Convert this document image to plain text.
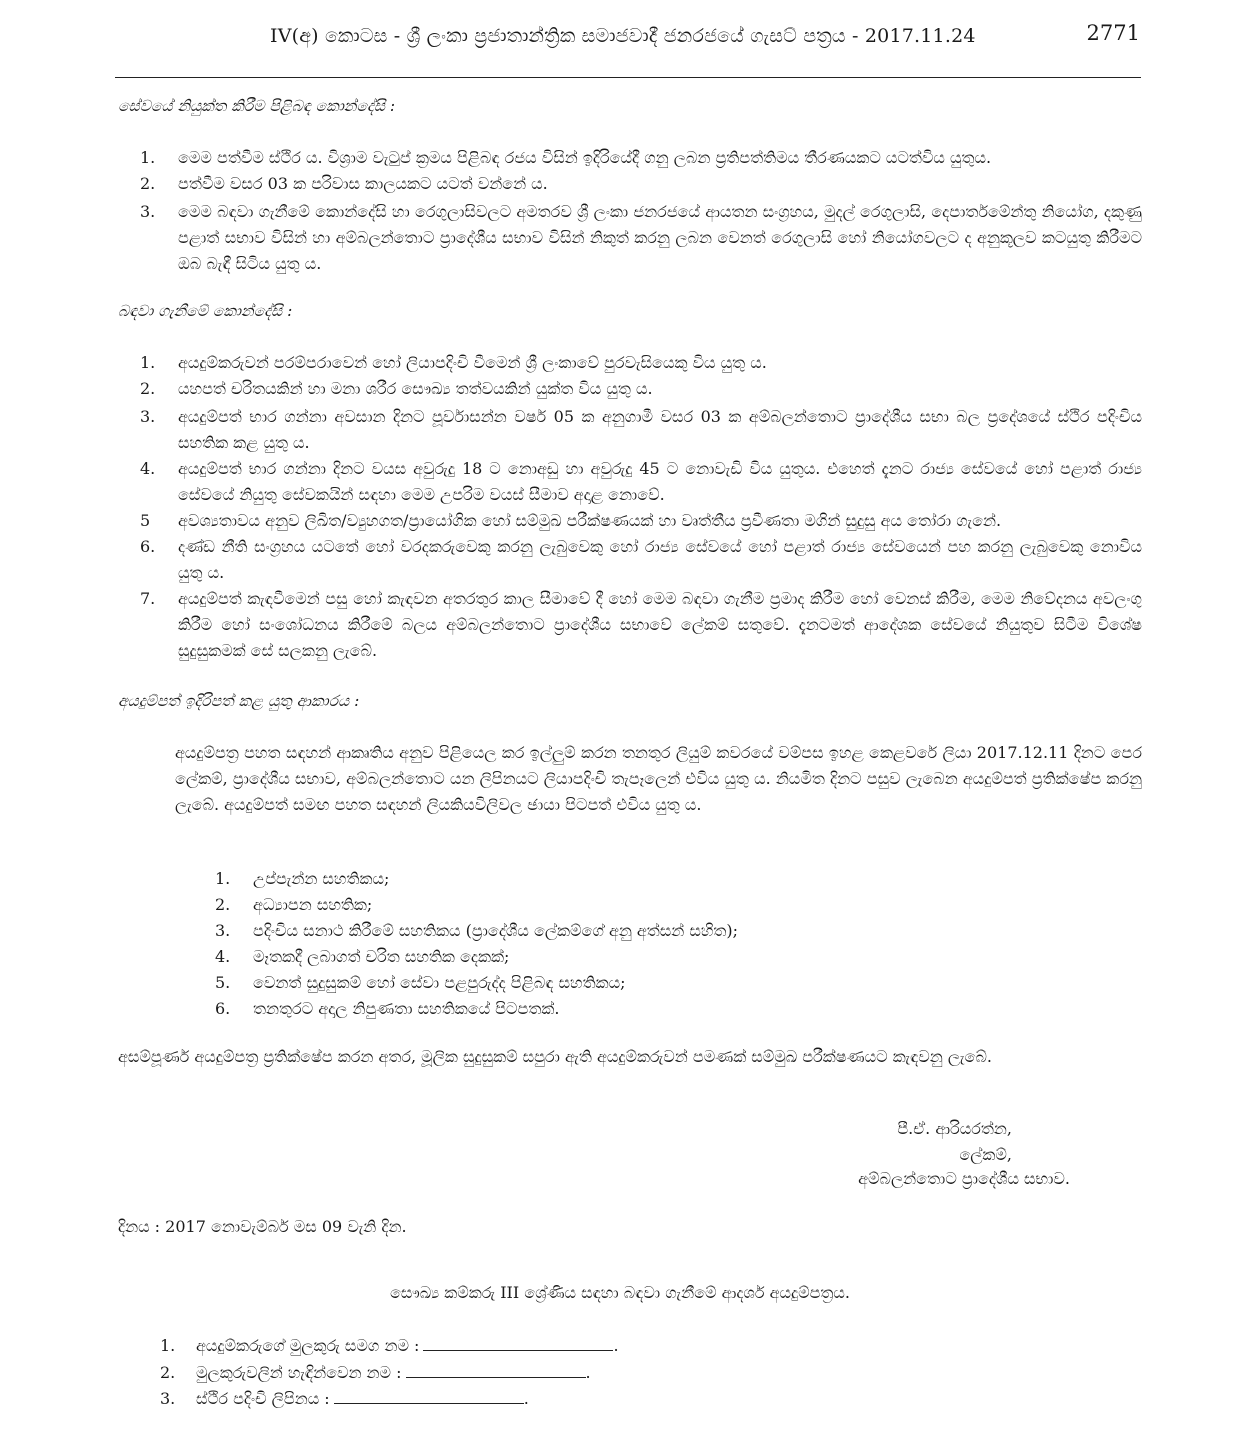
IV(අ) කොටස - ශ්‍රී ලංකා ප්‍රජාතාන්ත්‍රික සමාජවාදී ජනරජයේ ගැසට් පත්‍රය - 2017.11.24	2771
සේවයේ නියුක්ත කිරීම පිළිබඳ කොන්දේසි :
1.	මෙම පත්වීම ස්ථිර ය. විශ්‍රාම වැටුප් ක්‍රමය පිළිබඳ රජය විසින් ඉදිරියේදී ගනු ලබන ප්‍රතිපත්තිමය තීරණයකට යටත්විය යුතුය.
2.	පත්වීම වසර 03 ක පරිවාස කාලයකට යටත් වන්නේ ය.
3.	මෙම බඳවා ගැනීමේ කොන්දේසි හා රෙගුලාසිවලට අමතරව ශ්‍රී ලංකා ජනරජයේ ආයතන සංග්‍රහය, මුදල් රෙගුලාසි, දෙපාර්තමේන්තු නියෝග, දකුණු පළාත් සභාව විසින් හා අම්බලන්තොට ප්‍රාදේශීය සභාව විසින් නිකුත් කරනු ලබන වෙනත් රෙගුලාසි හෝ නියෝගවලට ද අනුකූලව කටයුතු කිරීමට ඔබ බැඳී සිටිය යුතු ය.
බඳවා ගැනීමේ කොන්දේසි :
1.	අයදුම්කරුවන් පරම්පරාවෙන් හෝ ලියාපදිංචි වීමෙන් ශ්‍රී ලංකාවේ පුරවැසියෙකු විය යුතු ය.
2.	යහපත් චරිතයකින් හා මනා ශරීර සෞඛ්‍ය තත්වයකින් යුක්ත විය යුතු ය.
3.	අයදුම්පත් භාර ගන්නා අවසාන දිනට පූර්වාසන්න වර්ෂ 05 ක අනුගාමී වසර 03 ක අම්බලන්තොට ප්‍රාදේශීය සභා බල ප්‍රදේශයේ ස්ථිර පදිංචිය සහතික කළ යුතු ය.
4.	අයදුම්පත් භාර ගන්නා දිනට වයස අවුරුදු 18 ට නොඅඩු හා අවුරුදු 45 ට නොවැඩි විය යුතුය. එහෙත් දැනට රාජ්‍ය සේවයේ හෝ පළාත් රාජ්‍ය සේවයේ නියුතු සේවකයින් සඳහා මෙම උපරිම වයස් සීමාව අදාළ නොවේ.
5	අවශ්‍යතාවය අනුව ලිඛිත/ව්‍යුහගත/ප්‍රායෝගික හෝ සම්මුඛ පරීක්ෂණයක් හා වෘත්තීය ප්‍රවීණතා මගින් සුදුසු අය තෝරා ගැනේ.
6.	දණ්ඩ නීති සංග්‍රහය යටතේ හෝ වරදකරුවෙකු කරනු ලැබුවෙකු හෝ රාජ්‍ය සේවයේ හෝ පළාත් රාජ්‍ය සේවයෙන් පහ කරනු ලැබුවෙකු නොවිය යුතු ය.
7.	අයදුම්පත් කැඳවීමෙන් පසු හෝ කැඳවන අතරතුර කාල සීමාවේ දී හෝ මෙම බඳවා ගැනීම ප්‍රමාද කිරීම හෝ වෙනස් කිරීම, මෙම නිවේදනය අවලංගු කිරීම හෝ සංශෝධනය කිරීමේ බලය අම්බලන්තොට ප්‍රාදේශීය සභාවේ ලේකම් සතුවේ. දැනටමත් ආදේශක සේවයේ නියුතුව සිටීම විශේෂ සුදුසුකමක් සේ සලකනු ලැබේ.
අයදුම්පත් ඉදිරිපත් කළ යුතු ආකාරය :
අයදුම්පත්‍ර පහත සඳහන් ආකෘතිය අනුව පිළියෙල කර ඉල්ලුම් කරන තනතුර ලියුම් කවරයේ වම්පස ඉහළ කෙළවරේ ලියා 2017.12.11 දිනට පෙර ලේකම්, ප්‍රාදේශීය සභාව, අම්බලන්තොට යන ලිපිනයට ලියාපදිංචි තැපෑලෙන් එවිය යුතු ය. නියමිත දිනට පසුව ලැබෙන අයදුම්පත් ප්‍රතික්ෂේප කරනු ලැබේ. අයදුම්පත් සමඟ පහත සඳහන් ලියකියවිලිවල ඡායා පිටපත් එවිය යුතු ය.
1.	උප්පැන්න සහතිකය;
2.	අධ්‍යාපන සහතික;
3.	පදිංචිය සනාථ කිරීමේ සහතිකය (ප්‍රාදේශීය ලේකම්ගේ අනු අත්සන් සහිත);
4.	මෑතකදී ලබාගත් චරිත සහතික දෙකක්;
5.	වෙනත් සුදුසුකම් හෝ සේවා පළපුරුද්ද පිළිබඳ සහතිකය;
6.	තනතුරට අදාල නිපුණතා සහතිකයේ පිටපතක්.
අසම්පූර්ණ අයදුම්පත්‍ර ප්‍රතික්ෂේප කරන අතර, මූලික සුදුසුකම් සපුරා ඇති අයදුම්කරුවන් පමණක් සම්මුඛ පරීක්ෂණයට කැඳවනු ලැබේ.
පී.ඒ. ආරියරත්න,
ලේකම්,
අම්බලන්තොට ප්‍රාදේශීය සභාව.
දිනය : 2017 නොවැම්බර් මස 09 වැනි දින.
සෞඛ්‍ය කම්කරු III ශ්‍රේණිය සඳහා බඳවා ගැනීමේ ආදර්ශ අයදුම්පත්‍රය.
1. අයදුම්කරුගේ මුලකුරු සමග නම :	.
2. මුලකුරුවලින් හැඳින්වෙන නම :	.
3. ස්ථිර පදිංචි ලිපිනය :	.
